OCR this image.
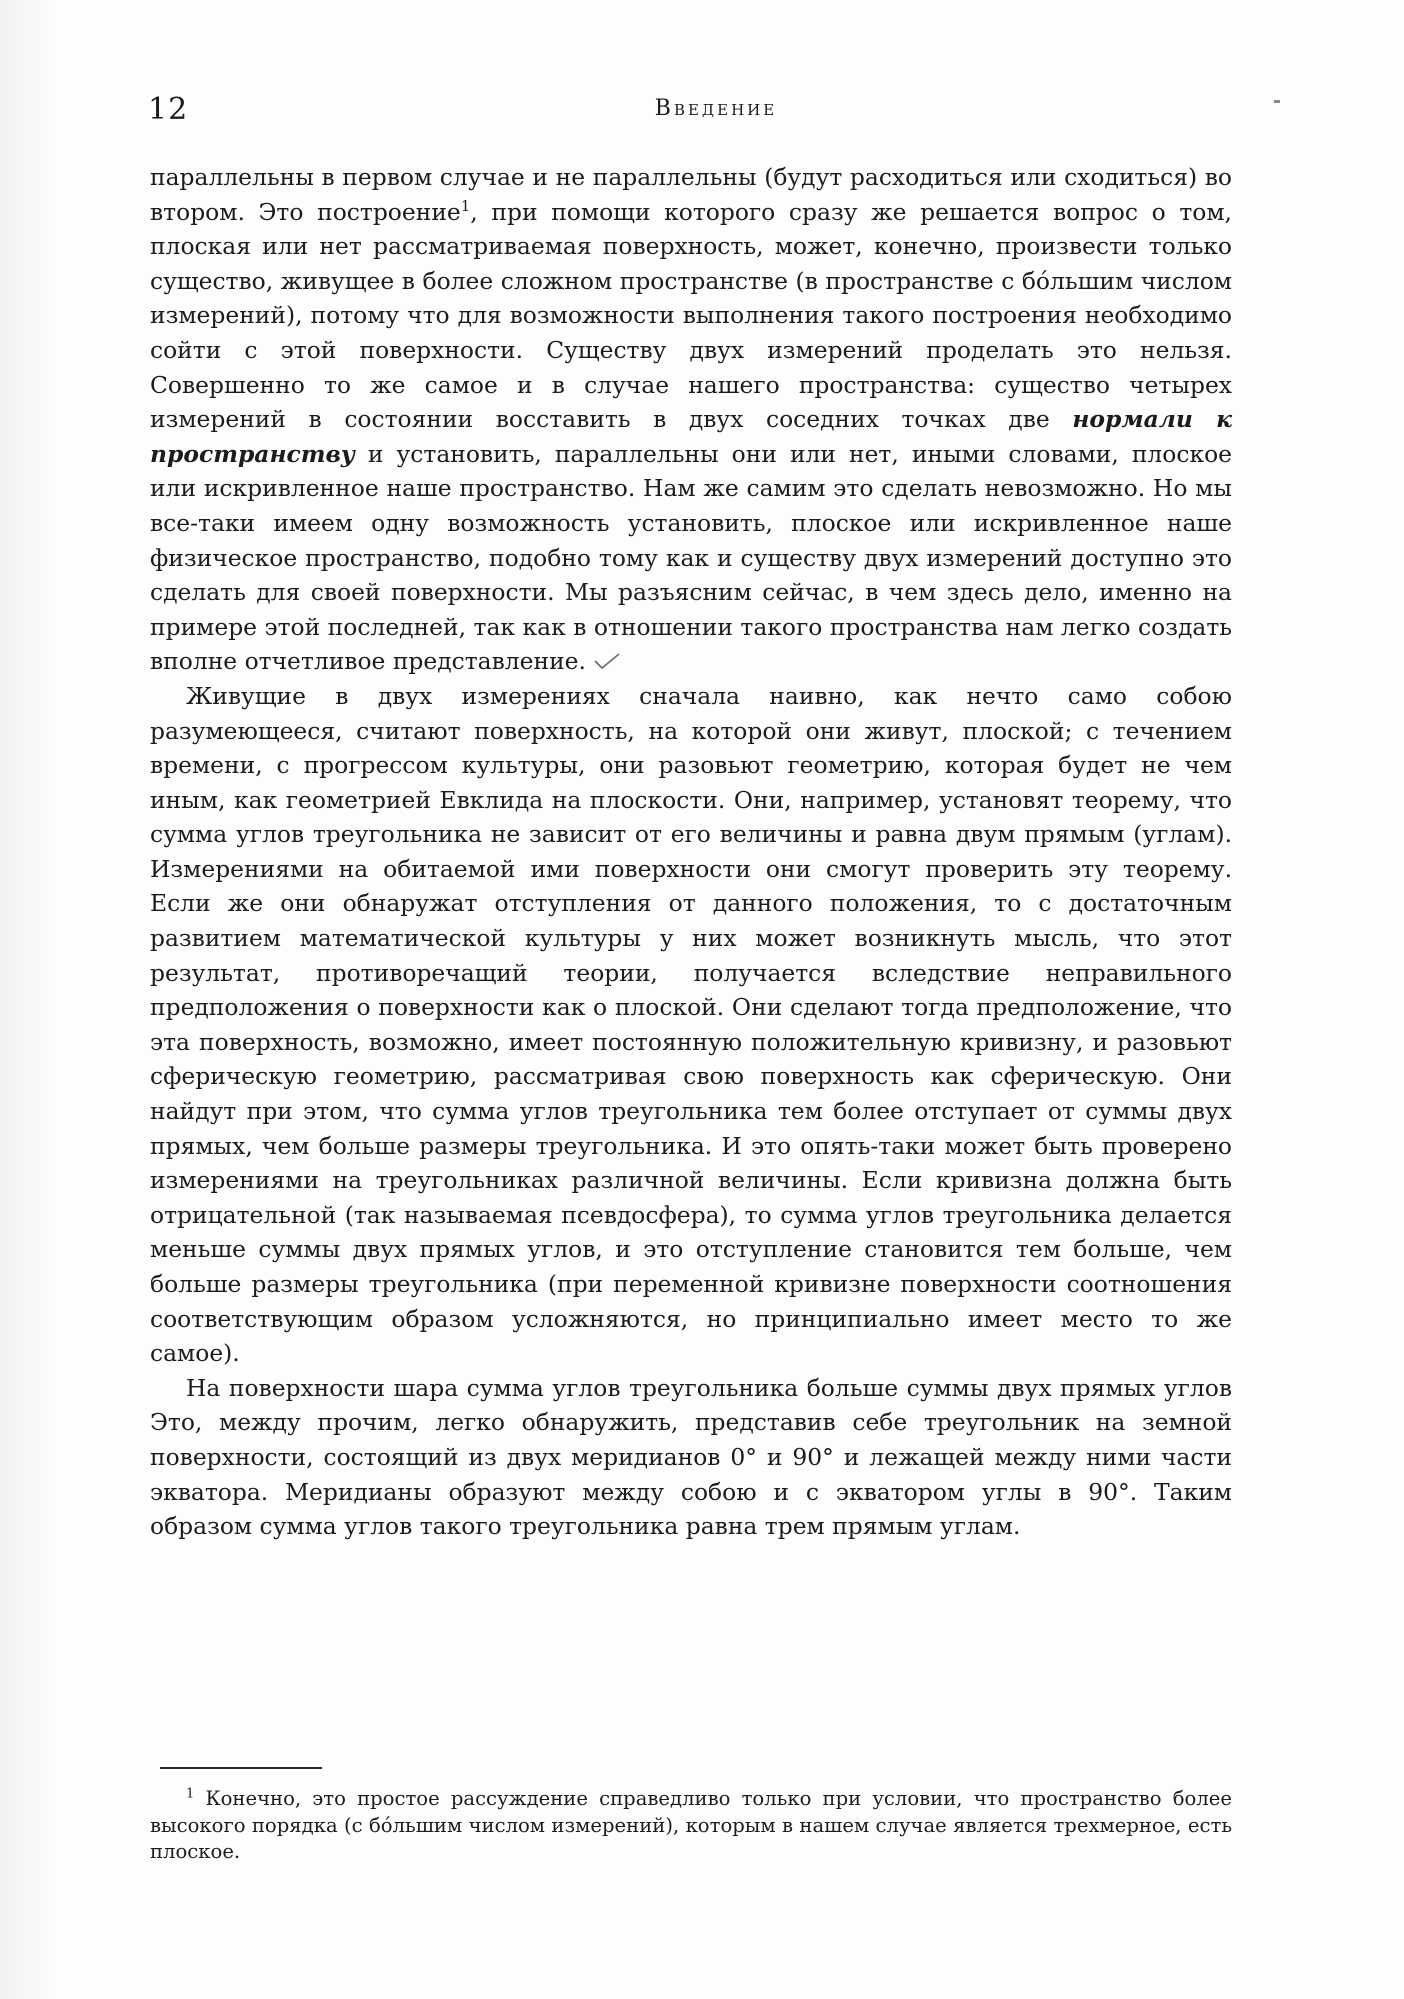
12	Введение

параллельны в первом случае и не параллельны (будут расходиться или сходиться) во втором. Это построение$^1$, при помощи которого сразу же решается вопрос о том, плоская или нет рассматриваемая поверхность, может, конечно, произвести только существо, живущее в более сложном пространстве (в пространстве с бóльшим числом измерений), потому что для возможности выполнения такого построения необходимо сойти с этой поверхности. Существу двух измерений проделать это нельзя. Совершенно то же самое и в случае нашего пространства: существо четырех измерений в состоянии восставить в двух соседних точках две нормали к пространству и установить, параллельны они или нет, иными словами, плоское или искривленное наше пространство. Нам же самим это сделать невозможно. Но мы все-таки имеем одну возможность установить, плоское или искривленное наше физическое пространство, подобно тому как и существу двух измерений доступно это сделать для своей поверхности. Мы разъясним сейчас, в чем здесь дело, именно на примере этой последней, так как в отношении такого пространства нам легко создать вполне отчетливое представление.

Живущие в двух измерениях сначала наивно, как нечто само собою разумеющееся, считают поверхность, на которой они живут, плоской; с течением времени, с прогрессом культуры, они разовьют геометрию, которая будет не чем иным, как геометрией Евклида на плоскости. Они, например, установят теорему, что сумма углов треугольника не зависит от его величины и равна двум прямым (углам). Измерениями на обитаемой ими поверхности они смогут проверить эту теорему. Если же они обнаружат отступления от данного положения, то с достаточным развитием математической культуры у них может возникнуть мысль, что этот результат, противоречащий теории, получается вследствие неправильного предположения о поверхности как о плоской. Они сделают тогда предположение, что эта поверхность, возможно, имеет постоянную положительную кривизну, и разовьют сферическую геометрию, рассматривая свою поверхность как сферическую. Они найдут при этом, что сумма углов треугольника тем более отступает от суммы двух прямых, чем больше размеры треугольника. И это опять-таки может быть проверено измерениями на треугольниках различной величины. Если кривизна должна быть отрицательной (так называемая псевдосфера), то сумма углов треугольника делается меньше суммы двух прямых углов, и это отступление становится тем больше, чем больше размеры треугольника (при переменной кривизне поверхности соотношения соответствующим образом усложняются, но принципиально имеет место то же самое).

На поверхности шара сумма углов треугольника больше суммы двух прямых углов Это, между прочим, легко обнаружить, представив себе треугольник на земной поверхности, состоящий из двух меридианов 0° и 90° и лежащей между ними части экватора. Меридианы образуют между собою и с экватором углы в 90°. Таким образом сумма углов такого треугольника равна трем прямым углам.

$^1$ Конечно, это простое рассуждение справедливо только при условии, что пространство более высокого порядка (с бóльшим числом измерений), которым в нашем случае является трехмерное, есть плоское.
